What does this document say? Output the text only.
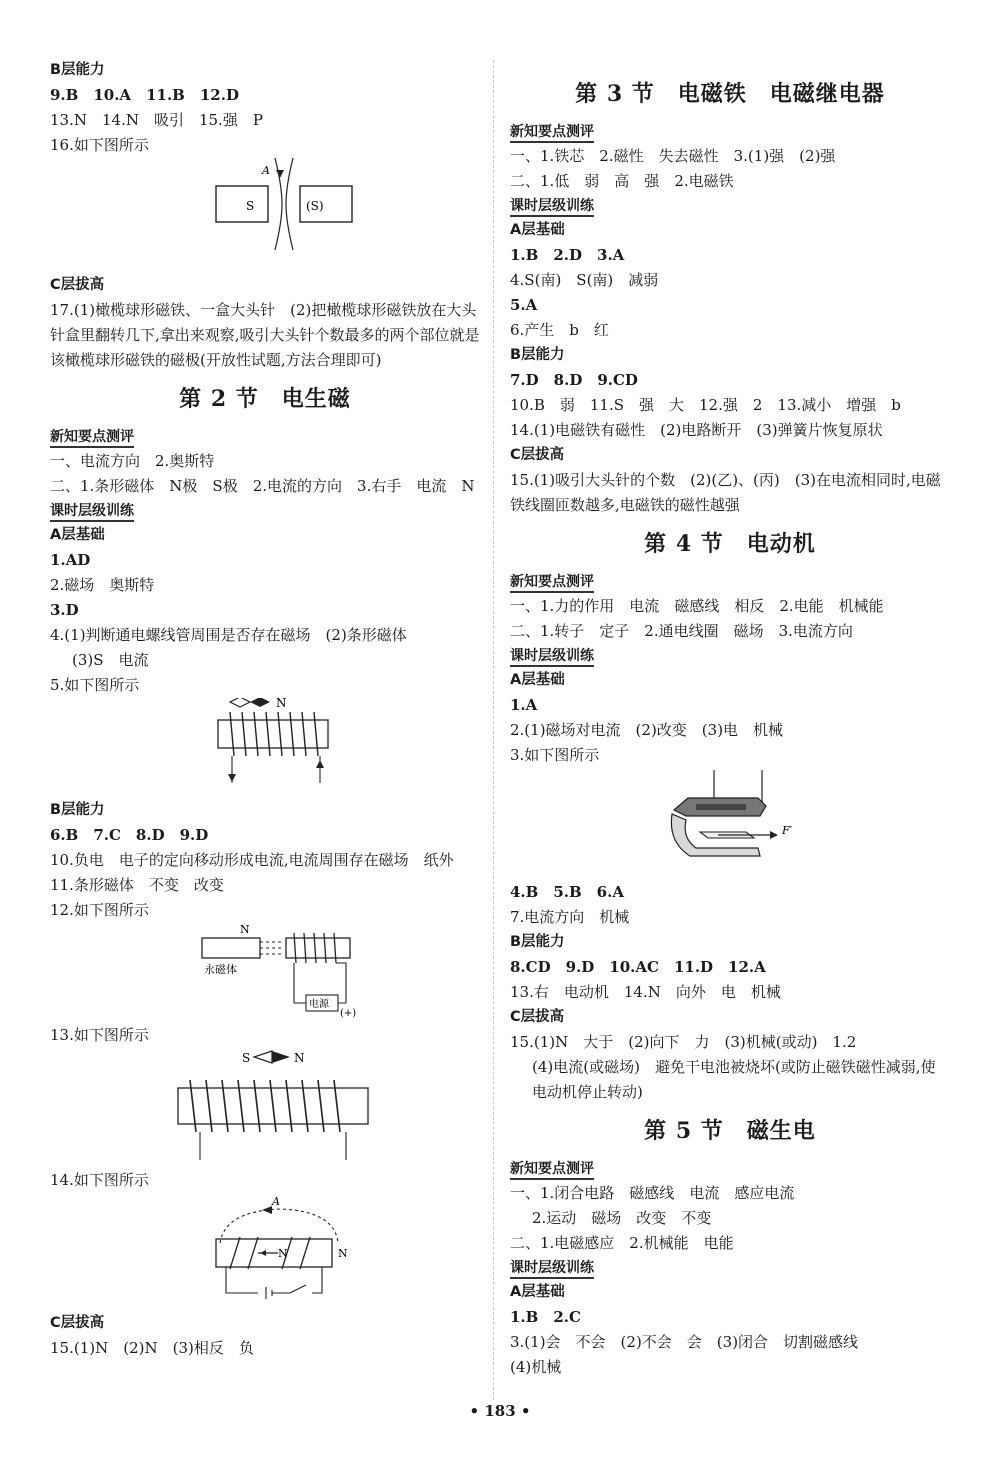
B层能力
9.B　10.A　11.B　12.D
13.N　14.N　吸引　15.强　P
16.如下图所示
S	(S)
A
C层拔高
17.(1)橄榄球形磁铁、一盒大头针　(2)把橄榄球形磁铁放在大头针盒里翻转几下,拿出来观察,吸引大头针个数最多的两个部位就是该橄榄球形磁铁的磁极(开放性试题,方法合理即可)
第 2 节　电生磁
新知要点测评
一、电流方向　2.奥斯特
二、1.条形磁体　N极　S极　2.电流的方向　3.右手　电流　N
课时层级训练
A层基础
1.AD
2.磁场　奥斯特
3.D
4.(1)判断通电螺线管周围是否存在磁场　(2)条形磁体
(3)S　电流
5.如下图所示
N
B层能力
6.B　7.C　8.D　9.D
10.负电　电子的定向移动形成电流,电流周围存在磁场　纸外
11.条形磁体　不变　改变
12.如下图所示
N
永磁体
电源
(+)
13.如下图所示
S	N
14.如下图所示
A
N	N
C层拔高
15.(1)N　(2)N　(3)相反　负
第 3 节　电磁铁　电磁继电器
新知要点测评
一、1.铁芯　2.磁性　失去磁性　3.(1)强　(2)强
二、1.低　弱　高　强　2.电磁铁
课时层级训练
A层基础
1.B　2.D　3.A
4.S(南)　S(南)　减弱
5.A
6.产生　b　红
B层能力
7.D　8.D　9.CD
10.B　弱　11.S　强　大　12.强　2　13.减小　增强　b
14.(1)电磁铁有磁性　(2)电路断开　(3)弹簧片恢复原状
C层拔高
15.(1)吸引大头针的个数　(2)(乙)、(丙)　(3)在电流相同时,电磁铁线圈匝数越多,电磁铁的磁性越强
第 4 节　电动机
新知要点测评
一、1.力的作用　电流　磁感线　相反　2.电能　机械能
二、1.转子　定子　2.通电线圈　磁场　3.电流方向
课时层级训练
A层基础
1.A
2.(1)磁场对电流　(2)改变　(3)电　机械
3.如下图所示
F′
4.B　5.B　6.A
7.电流方向　机械
B层能力
8.CD　9.D　10.AC　11.D　12.A
13.右　电动机　14.N　向外　电　机械
C层拔高
15.(1)N　大于　(2)向下　力　(3)机械(或动)　1.2
(4)电流(或磁场)　避免干电池被烧坏(或防止磁铁磁性减弱,使电动机停止转动)
第 5 节　磁生电
新知要点测评
一、1.闭合电路　磁感线　电流　感应电流
2.运动　磁场　改变　不变
二、1.电磁感应　2.机械能　电能
课时层级训练
A层基础
1.B　2.C
3.(1)会　不会　(2)不会　会　(3)闭合　切割磁感线
(4)机械
• 183 •
